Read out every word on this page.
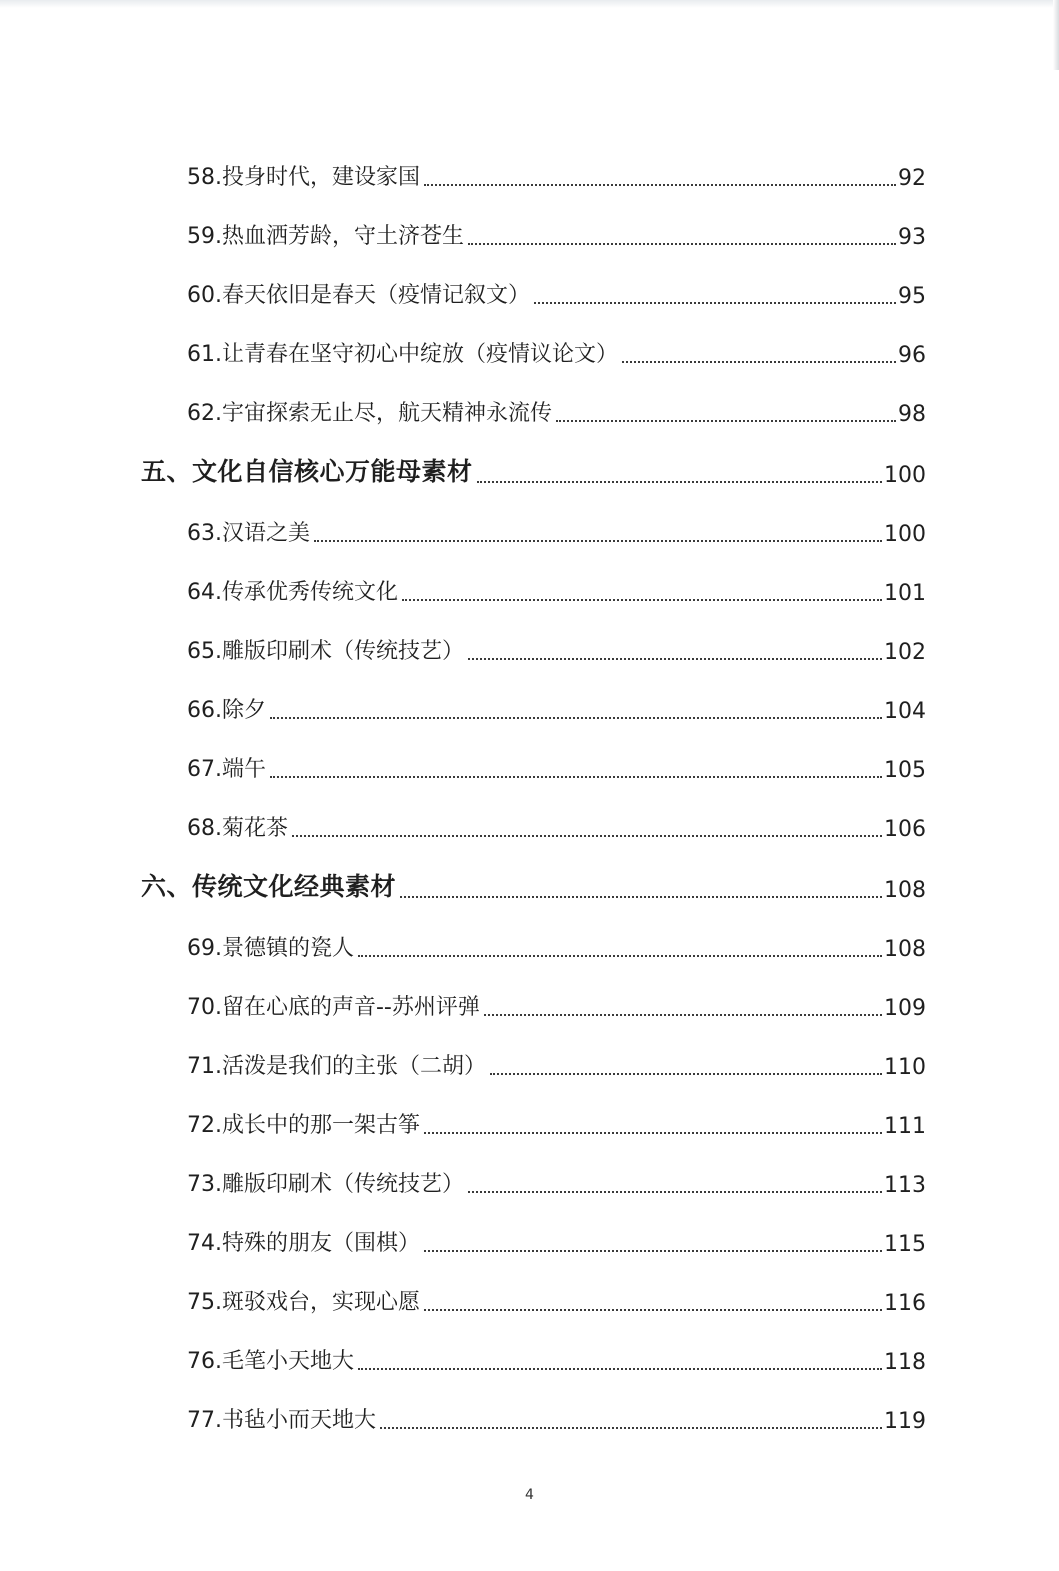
58.投身时代，建设家国	92
59.热血洒芳龄，守土济苍生	93
60.春天依旧是春天（疫情记叙文）	95
61.让青春在坚守初心中绽放（疫情议论文）	96
62.宇宙探索无止尽，航天精神永流传	98
五、文化自信核心万能母素材	100
63.汉语之美	100
64.传承优秀传统文化	101
65.雕版印刷术（传统技艺）	102
66.除夕	104
67.端午	105
68.菊花茶	106
六、传统文化经典素材	108
69.景德镇的瓷人	108
70.留在心底的声音--苏州评弹	109
71.活泼是我们的主张（二胡）	110
72.成长中的那一架古筝	111
73.雕版印刷术（传统技艺）	113
74.特殊的朋友（围棋）	115
75.斑驳戏台，实现心愿	116
76.毛笔小天地大	118
77.书毡小而天地大	119
4
